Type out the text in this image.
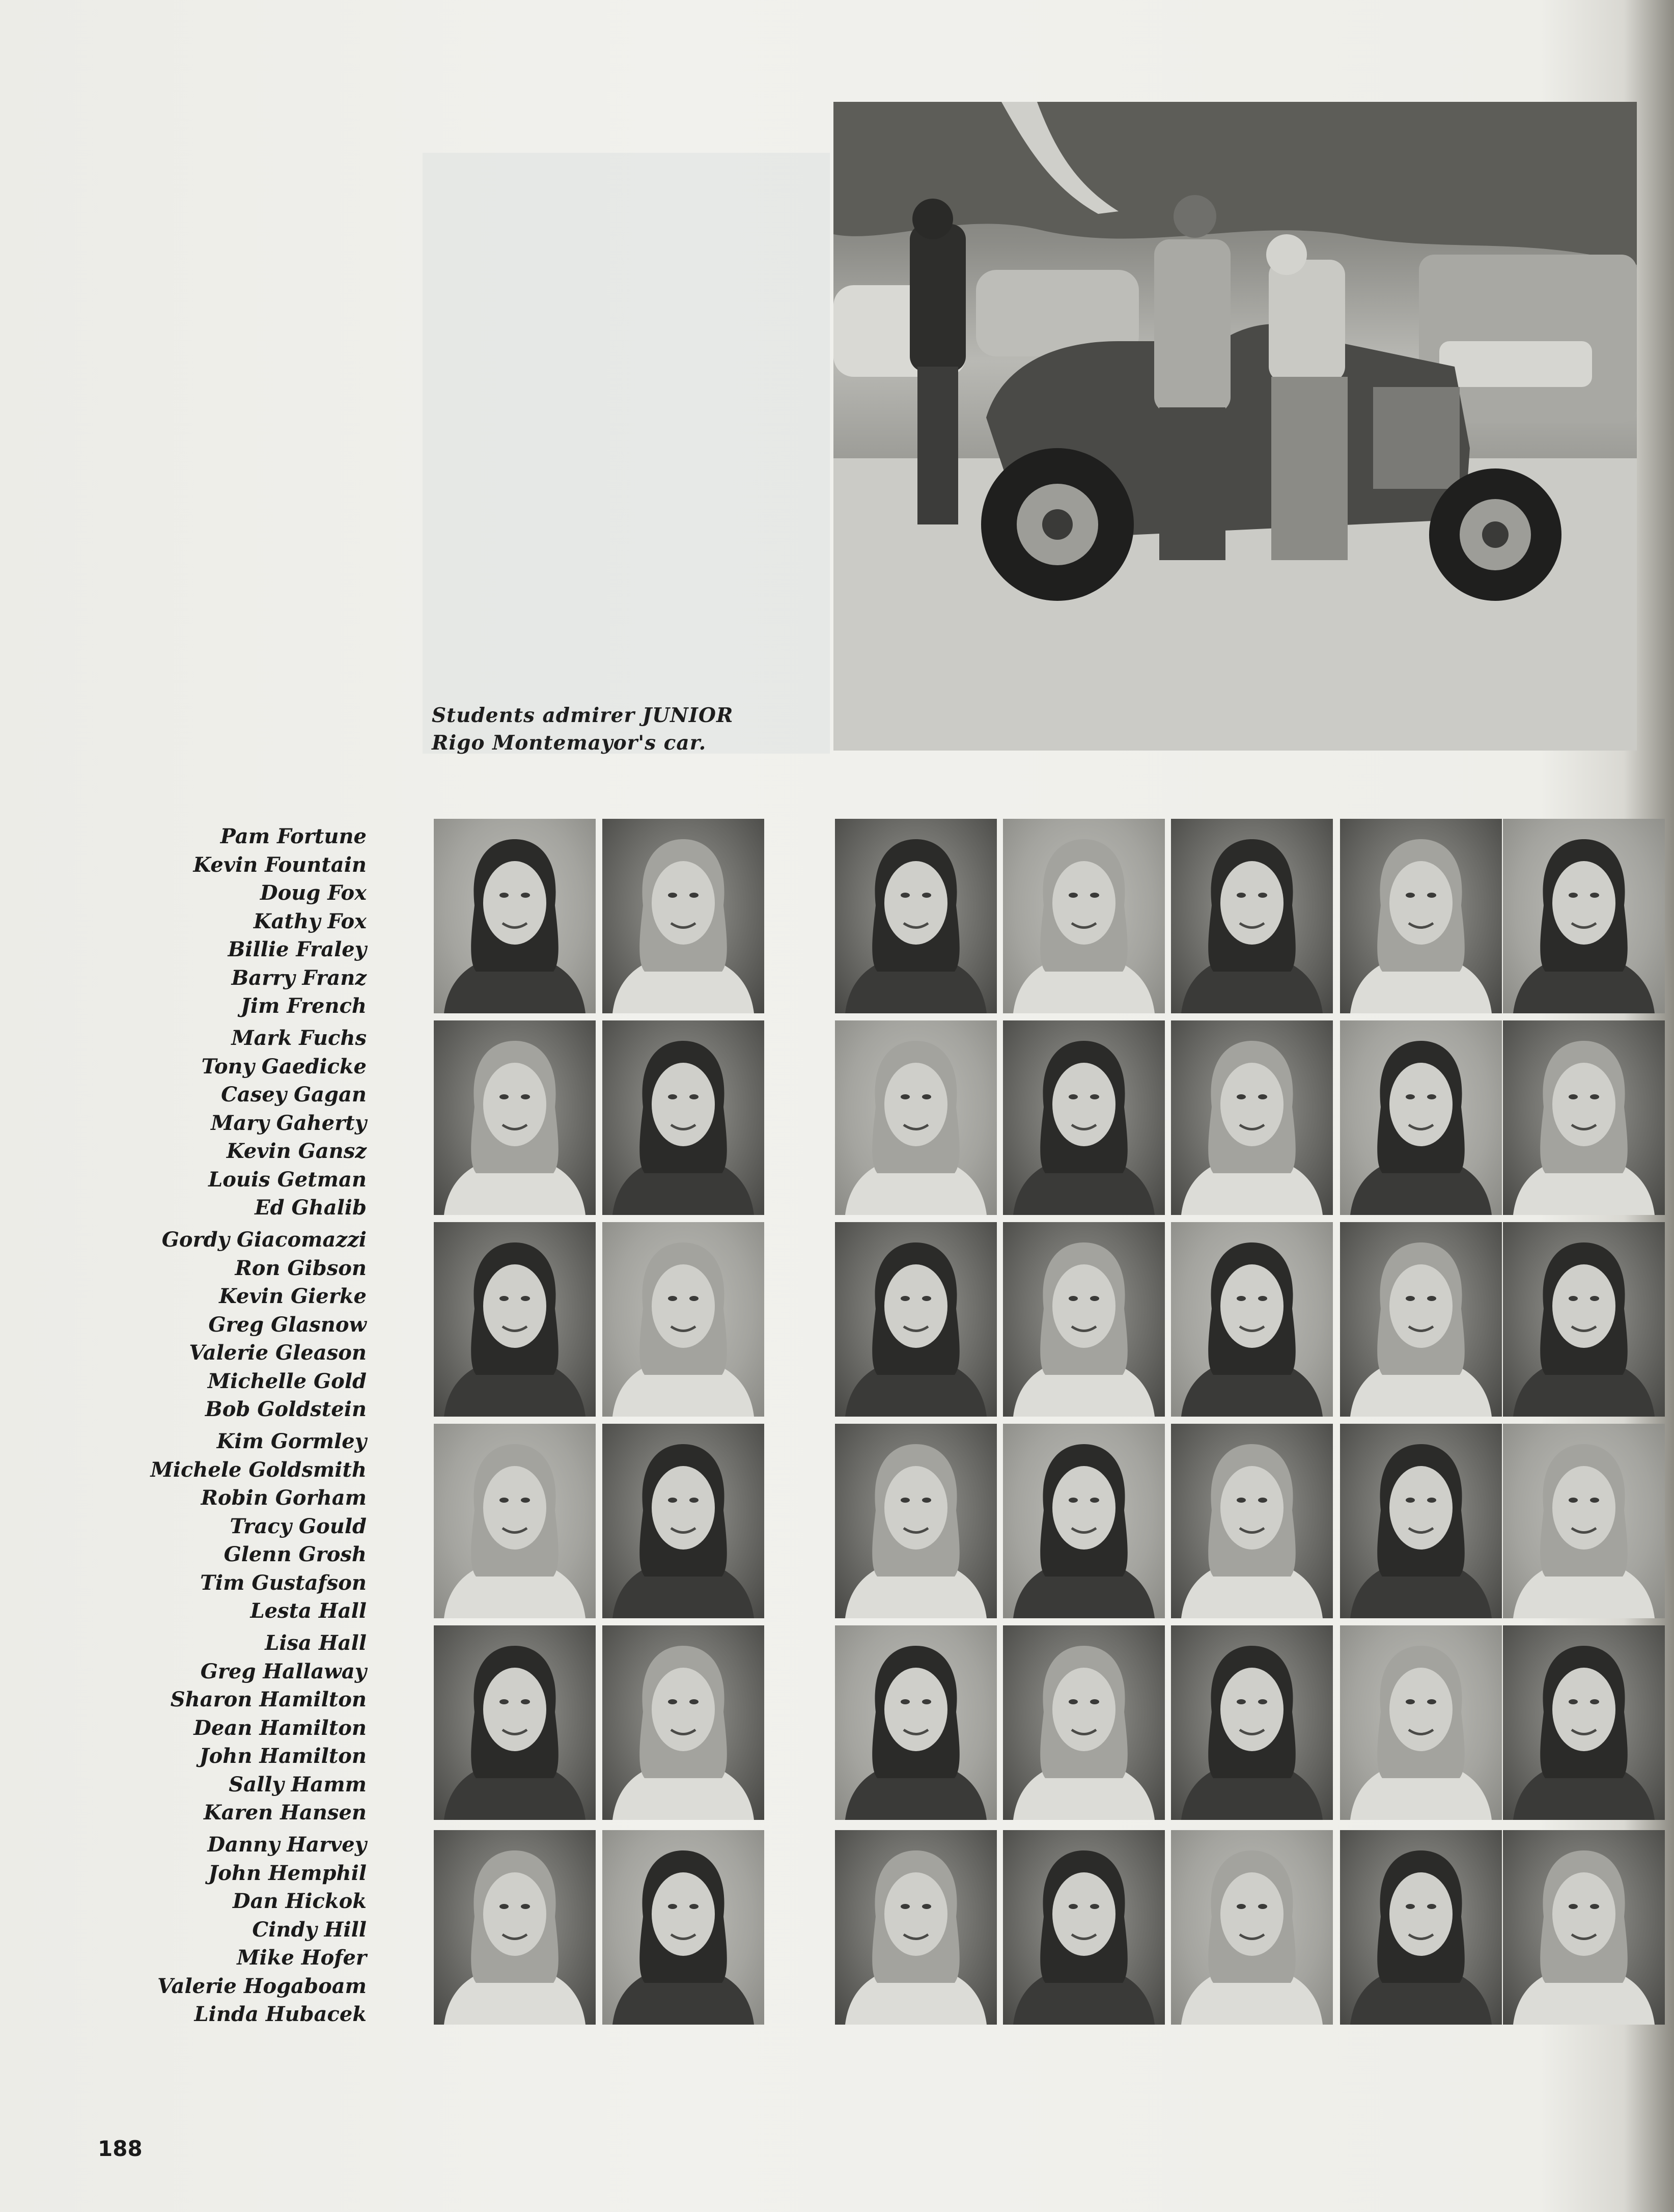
Students admirer JUNIOR Rigo Montemayor's car.
Pam Fortune
Kevin Fountain
Doug Fox
Kathy Fox
Billie Fraley
Barry Franz
Jim French
Mark Fuchs
Tony Gaedicke
Casey Gagan
Mary Gaherty
Kevin Gansz
Louis Getman
Ed Ghalib
Gordy Giacomazzi
Ron Gibson
Kevin Gierke
Greg Glasnow
Valerie Gleason
Michelle Gold
Bob Goldstein
Kim Gormley
Michele Goldsmith
Robin Gorham
Tracy Gould
Glenn Grosh
Tim Gustafson
Lesta Hall
Lisa Hall
Greg Hallaway
Sharon Hamilton
Dean Hamilton
John Hamilton
Sally Hamm
Karen Hansen
Danny Harvey
John Hemphil
Dan Hickok
Cindy Hill
Mike Hofer
Valerie Hogaboam
Linda Hubacek
188
